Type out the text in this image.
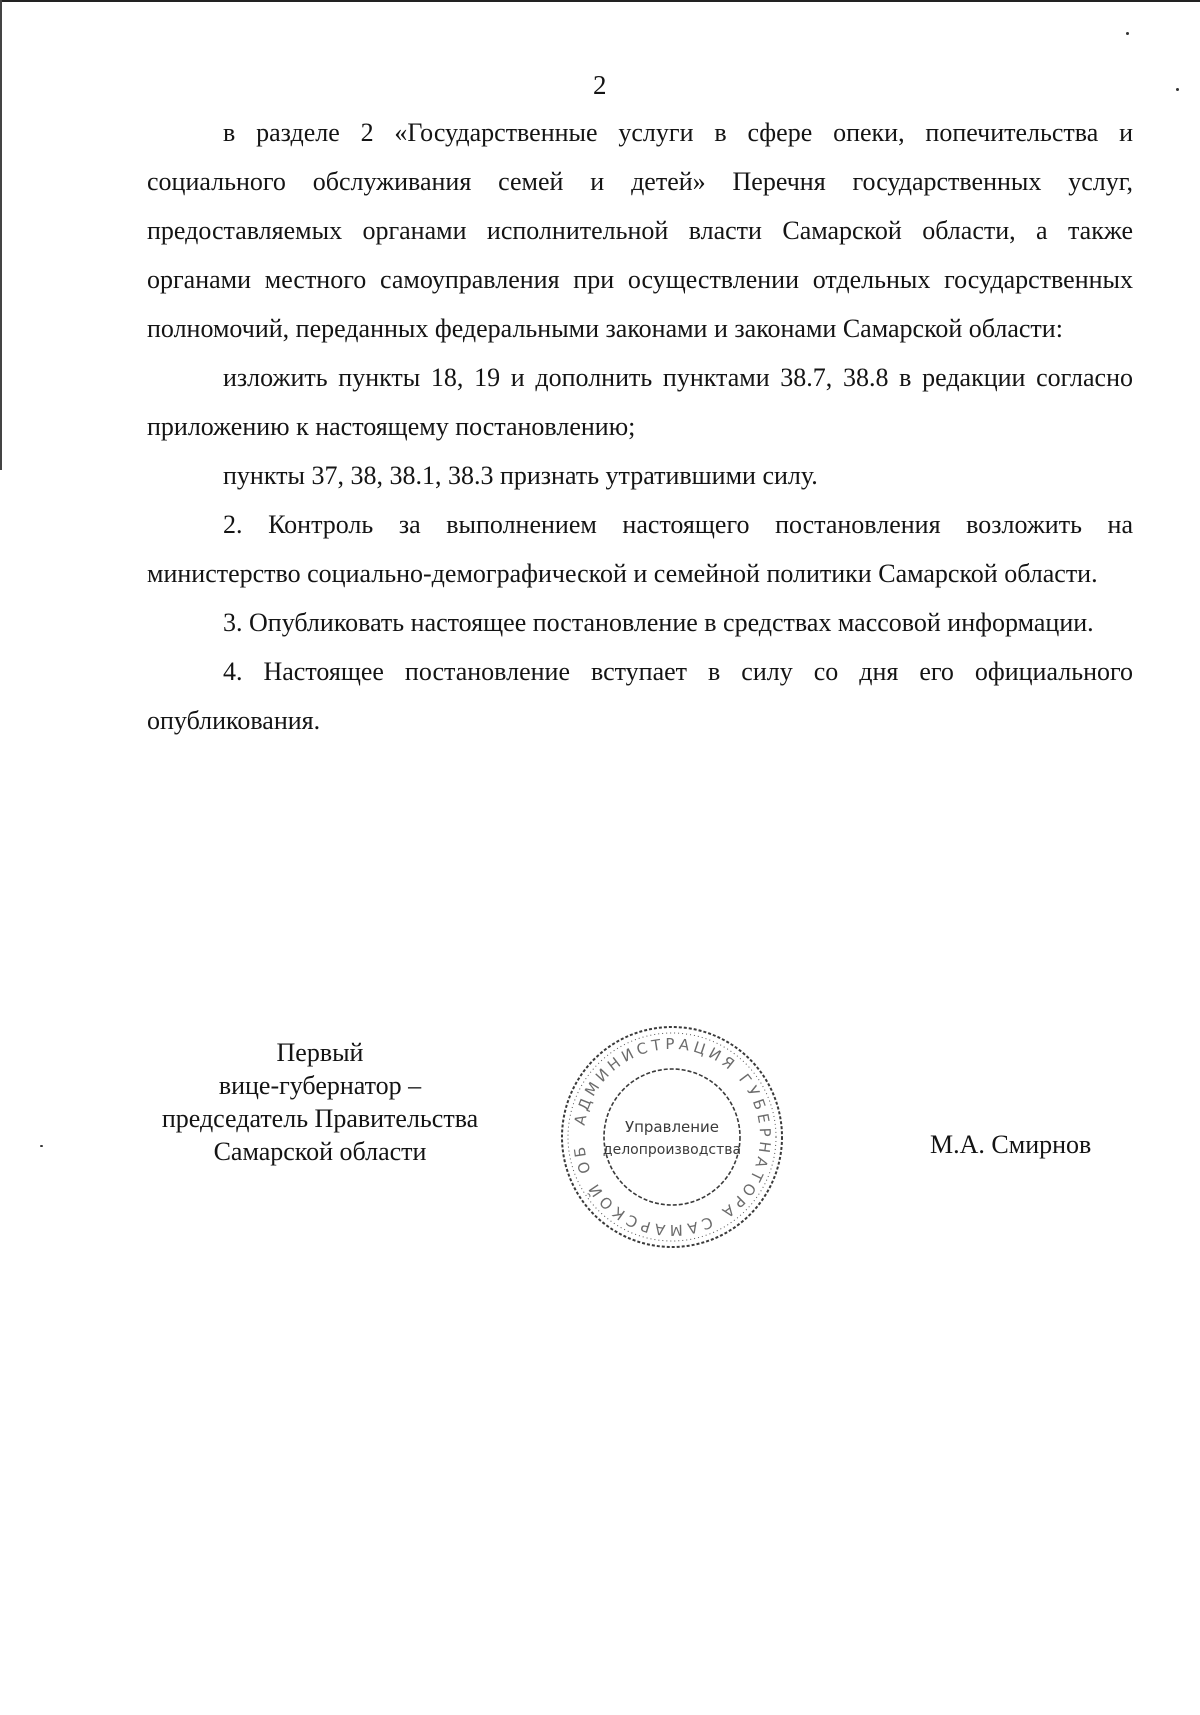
2

в разделе 2 «Государственные услуги в сфере опеки, попечительства и социального обслуживания семей и детей» Перечня государственных услуг, предоставляемых органами исполнительной власти Самарской области, а также органами местного самоуправления при осуществлении отдельных государственных полномочий, переданных федеральными законами и законами Самарской области:

изложить пункты 18, 19 и дополнить пунктами 38.7, 38.8 в редакции согласно приложению к настоящему постановлению;

пункты 37, 38, 38.1, 38.3 признать утратившими силу.

2. Контроль за выполнением настоящего постановления возложить на министерство социально-демографической и семейной политики Самарской области.

3. Опубликовать настоящее постановление в средствах массовой информации.

4. Настоящее постановление вступает в силу со дня его официального опубликования.

Первый
вице-губернатор –
председатель Правительства
Самарской области
АДМИНИСТРАЦИЯ ГУБЕРНАТОРА САМАРСКОЙ ОБЛАСТИ
Управление
делопроизводства	М.А. Смирнов
